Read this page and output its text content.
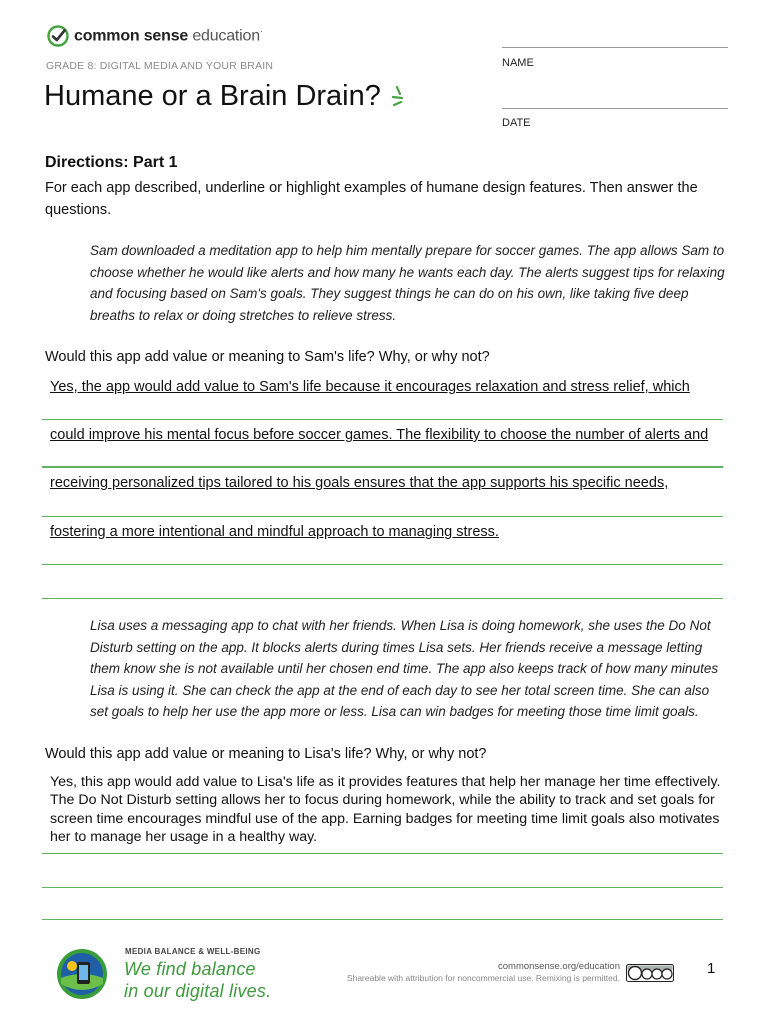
common sense education·
GRADE 8: DIGITAL MEDIA AND YOUR BRAIN
Humane or a Brain Drain?
NAME
DATE
Directions: Part 1
For each app described, underline or highlight examples of humane design features. Then answer the questions.
Sam downloaded a meditation app to help him mentally prepare for soccer games. The app allows Sam to choose whether he would like alerts and how many he wants each day. The alerts suggest tips for relaxing and focusing based on Sam's goals. They suggest things he can do on his own, like taking five deep breaths to relax or doing stretches to relieve stress.
Would this app add value or meaning to Sam's life? Why, or why not?
Yes, the app would add value to Sam's life because it encourages relaxation and stress relief, which
could improve his mental focus before soccer games. The flexibility to choose the number of alerts and
receiving personalized tips tailored to his goals ensures that the app supports his specific needs,
fostering a more intentional and mindful approach to managing stress.
Lisa uses a messaging app to chat with her friends. When Lisa is doing homework, she uses the Do Not Disturb setting on the app. It blocks alerts during times Lisa sets. Her friends receive a message letting them know she is not available until her chosen end time. The app also keeps track of how many minutes Lisa is using it. She can check the app at the end of each day to see her total screen time. She can also set goals to help her use the app more or less. Lisa can win badges for meeting those time limit goals.
Would this app add value or meaning to Lisa's life? Why, or why not?
Yes, this app would add value to Lisa's life as it provides features that help her manage her time effectively. The Do Not Disturb setting allows her to focus during homework, while the ability to track and set goals for screen time encourages mindful use of the app. Earning badges for meeting time limit goals also motivates her to manage her usage in a healthy way.
MEDIA BALANCE & WELL-BEING
We find balance
in our digital lives.
commonsense.org/education
Shareable with attribution for noncommercial use. Remixing is permitted.
1
